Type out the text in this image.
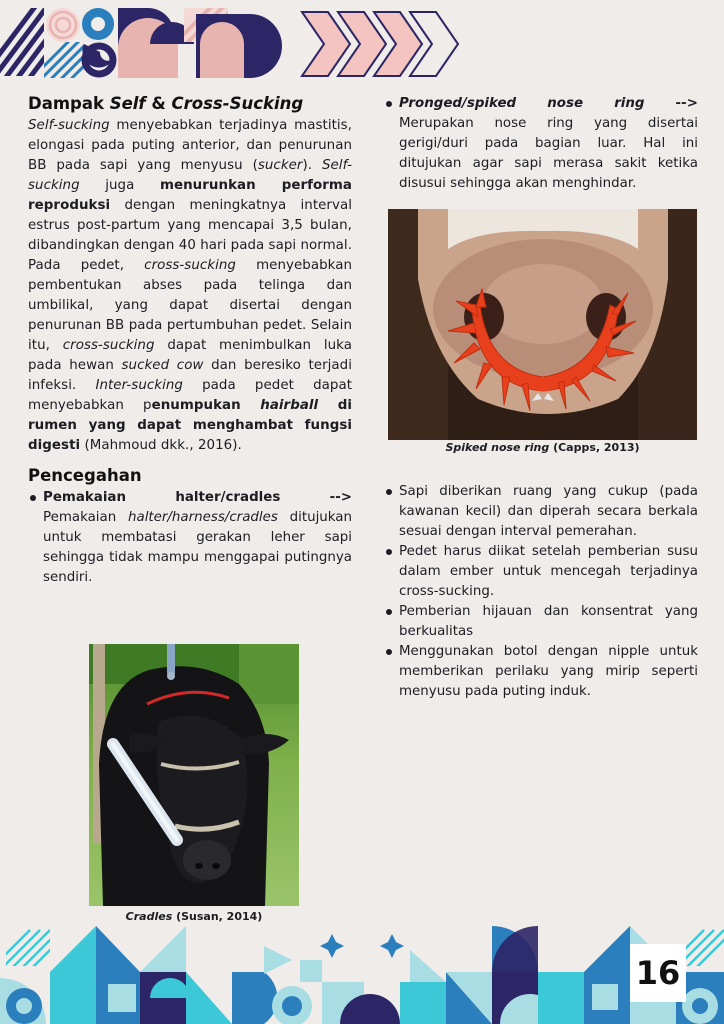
Dampak Self & Cross-Sucking

Self-sucking menyebabkan terjadinya mastitis, elongasi pada puting anterior, dan penurunan BB pada sapi yang menyusu (sucker). Self-sucking juga menurunkan performa reproduksi dengan meningkatnya interval estrus post-partum yang mencapai 3,5 bulan, dibandingkan dengan 40 hari pada sapi normal. Pada pedet, cross-sucking menyebabkan pembentukan abses pada telinga dan umbilikal, yang dapat disertai dengan penurunan BB pada pertumbuhan pedet. Selain itu, cross-sucking dapat menimbulkan luka pada hewan sucked cow dan beresiko terjadi infeksi. Inter-sucking pada pedet dapat menyebabkan penumpukan hairball di rumen yang dapat menghambat fungsi digesti (Mahmoud dkk., 2016).

Pencegahan
Pemakaian halter/cradles -->
Pemakaian halter/harness/cradles ditujukan untuk membatasi gerakan leher sapi sehingga tidak mampu menggapai putingnya sendiri.
Cradles (Susan, 2014)
Pronged/spiked nose ring -->
Merupakan nose ring yang disertai gerigi/duri pada bagian luar. Hal ini ditujukan agar sapi merasa sakit ketika disusui sehingga akan menghindar.
Spiked nose ring (Capps, 2013)
Sapi diberikan ruang yang cukup (pada kawanan kecil) dan diperah secara berkala sesuai dengan interval pemerahan.
Pedet harus diikat setelah pemberian susu dalam ember untuk mencegah terjadinya cross-sucking.
Pemberian hijauan dan konsentrat yang berkualitas
Menggunakan botol dengan nipple untuk memberikan perilaku yang mirip seperti menyusu pada puting induk.
16
